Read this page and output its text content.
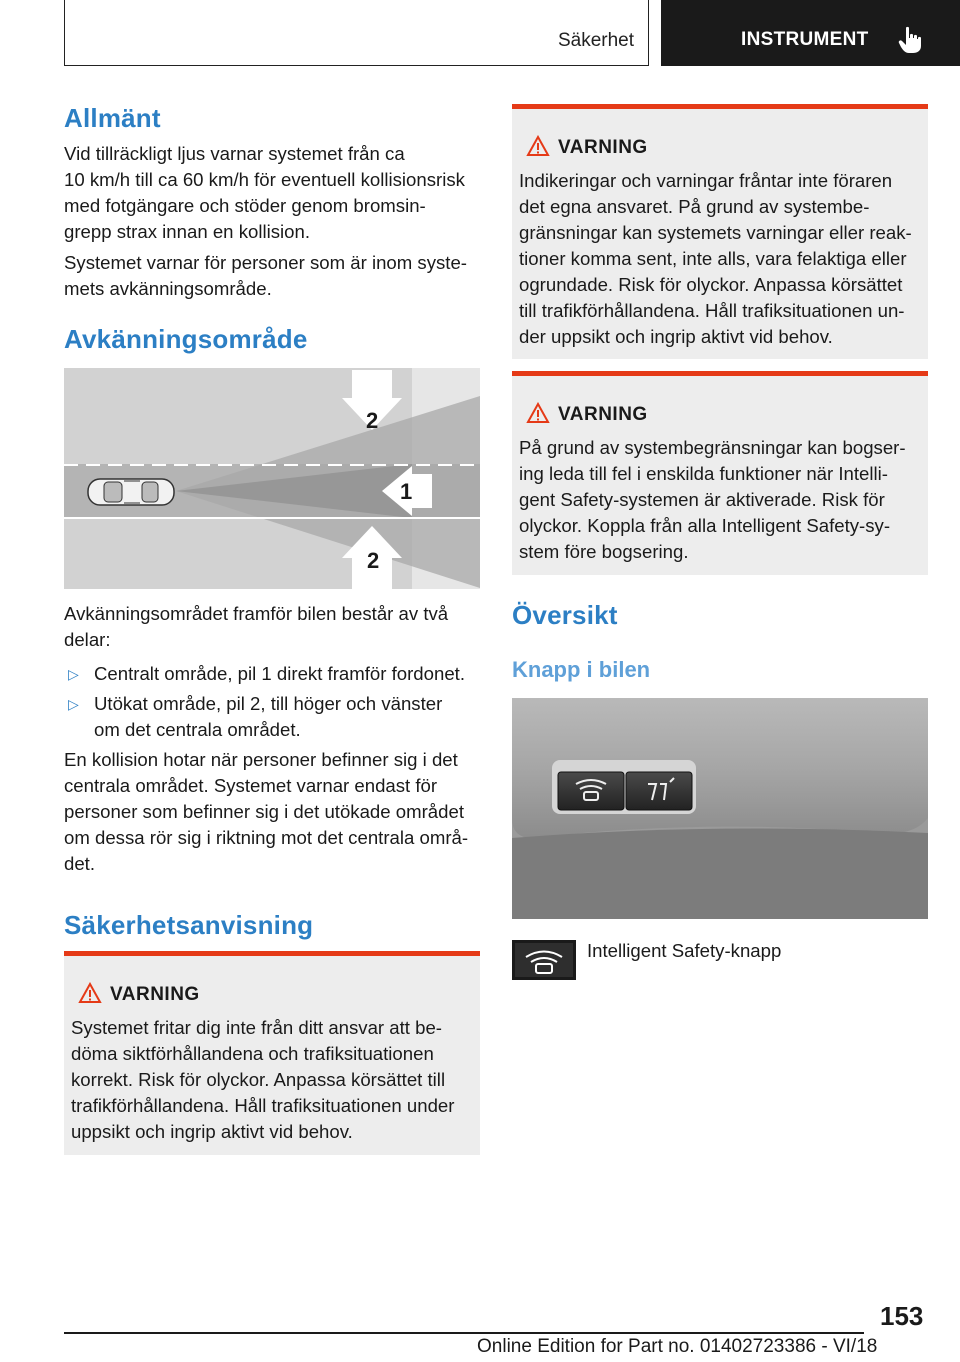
Säkerhet	INSTRUMENT
Allmänt
Vid tillräckligt ljus varnar systemet från ca
10 km/h till ca 60 km/h för eventuell kollisionsrisk
med fotgängare och stöder genom bromsin‐
grepp strax innan en kollision.
Systemet varnar för personer som är inom syste‐
mets avkänningsområde.
Avkänningsområde
2
2
1
Avkänningsområdet framför bilen består av två
delar:
▷ Centralt område, pil 1 direkt framför fordonet.
▷ Utökat område, pil 2, till höger och vänster
om det centrala området.
En kollision hotar när personer befinner sig i det
centrala området. Systemet varnar endast för
personer som befinner sig i det utökade området
om dessa rör sig i riktning mot det centrala områ‐
det.
Säkerhetsanvisning
VARNING
Systemet fritar dig inte från ditt ansvar att be‐
döma siktförhållandena och trafiksituationen
korrekt. Risk för olyckor. Anpassa körsättet till
trafikförhållandena. Håll trafiksituationen under
uppsikt och ingrip aktivt vid behov.
VARNING
Indikeringar och varningar fråntar inte föraren
det egna ansvaret. På grund av systembe‐
gränsningar kan systemets varningar eller reak‐
tioner komma sent, inte alls, vara felaktiga eller
ogrundade. Risk för olyckor. Anpassa körsättet
till trafikförhållandena. Håll trafiksituationen un‐
der uppsikt och ingrip aktivt vid behov.
VARNING
På grund av systembegränsningar kan bogser‐
ing leda till fel i enskilda funktioner när Intelli‐
gent Safety-systemen är aktiverade. Risk för
olyckor. Koppla från alla Intelligent Safety-sy‐
stem före bogsering.
Översikt
Knapp i bilen
Intelligent Safety-knapp
153
Online Edition for Part no. 01402723386 - VI/18
